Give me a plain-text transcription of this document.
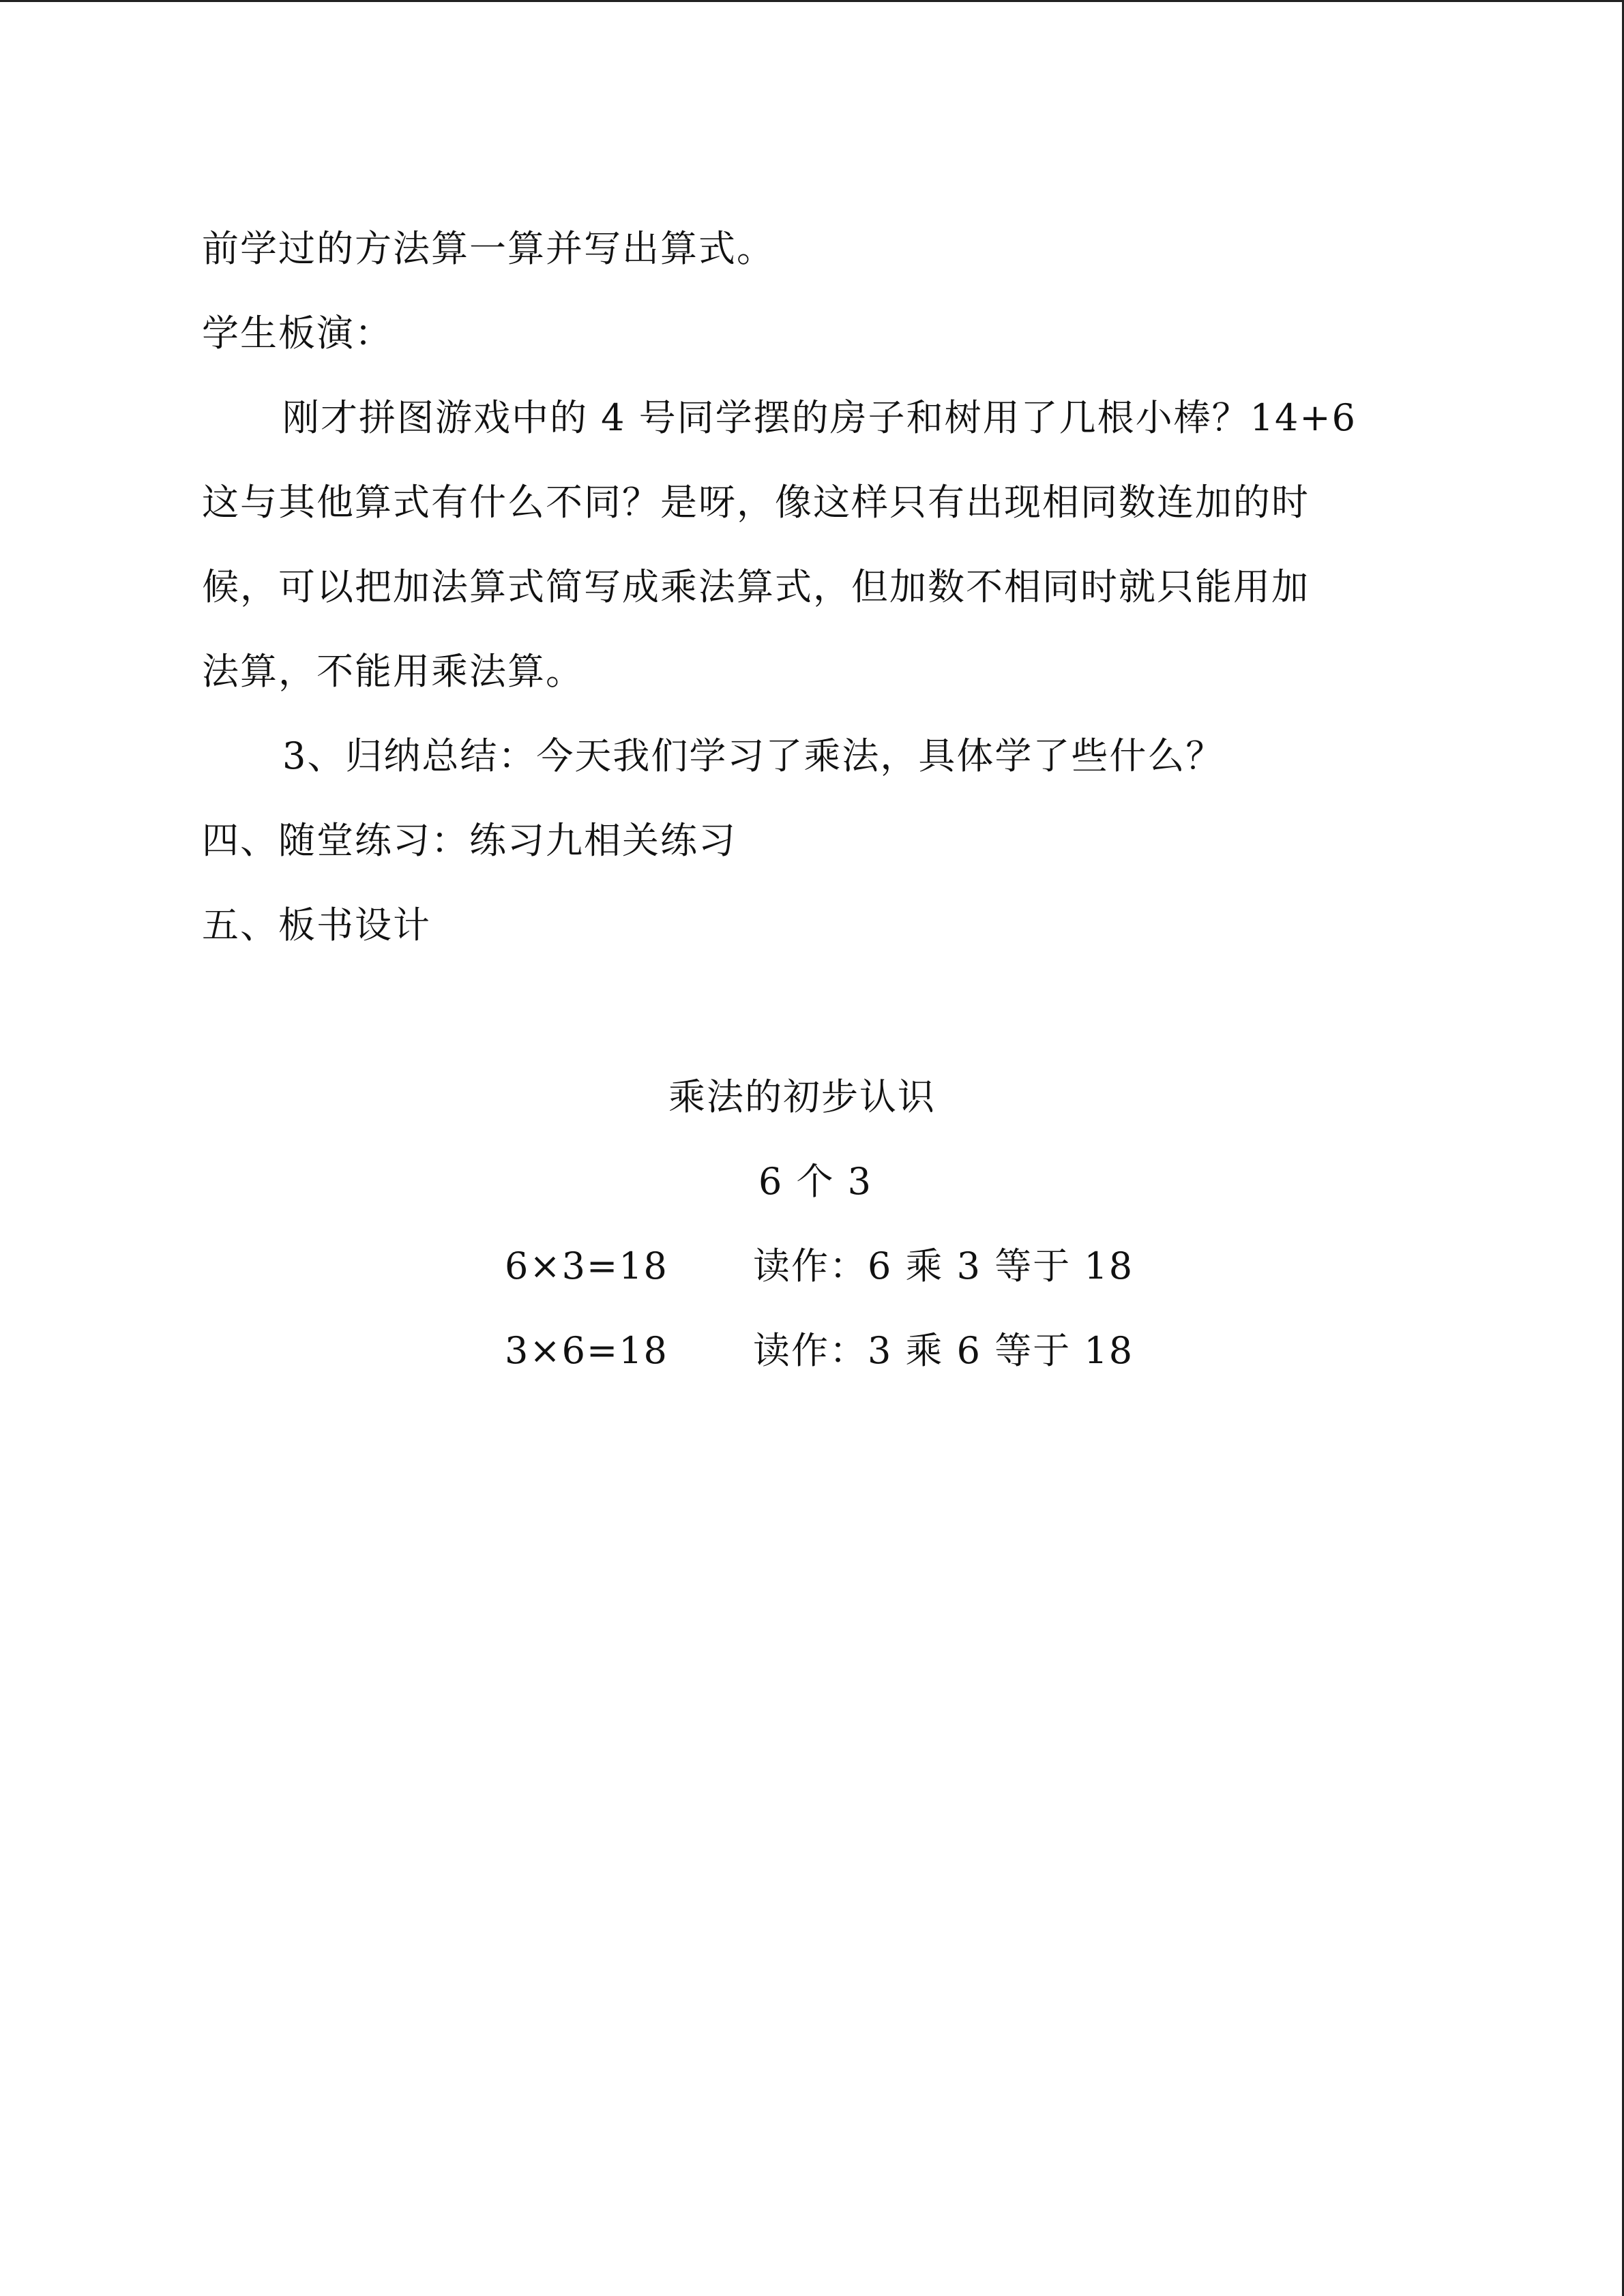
前学过的方法算一算并写出算式。
学生板演：
刚才拼图游戏中的 4 号同学摆的房子和树用了几根小棒？14+6
这与其他算式有什么不同？是呀，像这样只有出现相同数连加的时
候，可以把加法算式简写成乘法算式，但加数不相同时就只能用加
法算，不能用乘法算。
3、归纳总结：今天我们学习了乘法，具体学了些什么？
四、随堂练习：练习九相关练习
五、板书设计
乘法的初步认识
6 个 3
6×3=18 读作：6 乘 3 等于 18
3×6=18 读作：3 乘 6 等于 18
